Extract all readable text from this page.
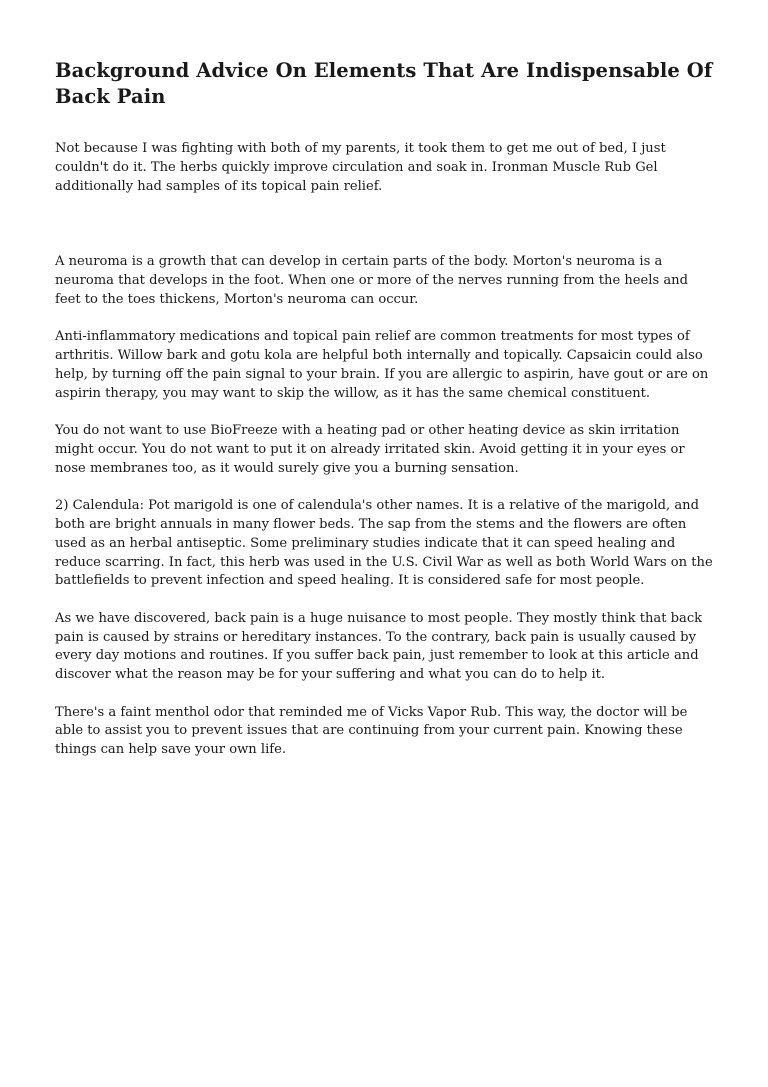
Background Advice On Elements That Are Indispensable Of Back Pain

Not because I was fighting with both of my parents, it took them to get me out of bed, I just couldn't do it. The herbs quickly improve circulation and soak in. Ironman Muscle Rub Gel additionally had samples of its topical pain relief.

A neuroma is a growth that can develop in certain parts of the body. Morton's neuroma is a neuroma that develops in the foot. When one or more of the nerves running from the heels and feet to the toes thickens, Morton's neuroma can occur.

Anti-inflammatory medications and topical pain relief are common treatments for most types of arthritis. Willow bark and gotu kola are helpful both internally and topically. Capsaicin could also help, by turning off the pain signal to your brain. If you are allergic to aspirin, have gout or are on aspirin therapy, you may want to skip the willow, as it has the same chemical constituent.

You do not want to use BioFreeze with a heating pad or other heating device as skin irritation might occur. You do not want to put it on already irritated skin. Avoid getting it in your eyes or nose membranes too, as it would surely give you a burning sensation.

2) Calendula: Pot marigold is one of calendula's other names. It is a relative of the marigold, and both are bright annuals in many flower beds. The sap from the stems and the flowers are often used as an herbal antiseptic. Some preliminary studies indicate that it can speed healing and reduce scarring. In fact, this herb was used in the U.S. Civil War as well as both World Wars on the battlefields to prevent infection and speed healing. It is considered safe for most people.

As we have discovered, back pain is a huge nuisance to most people. They mostly think that back pain is caused by strains or hereditary instances. To the contrary, back pain is usually caused by every day motions and routines. If you suffer back pain, just remember to look at this article and discover what the reason may be for your suffering and what you can do to help it.

There's a faint menthol odor that reminded me of Vicks Vapor Rub. This way, the doctor will be able to assist you to prevent issues that are continuing from your current pain. Knowing these things can help save your own life.
